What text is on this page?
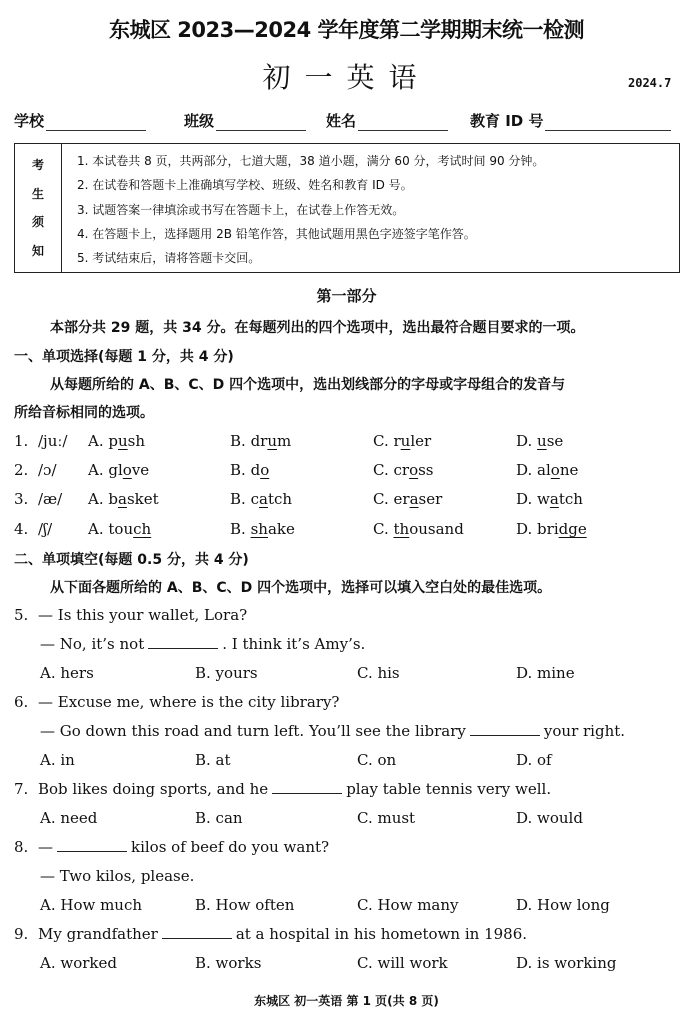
东城区 2023—2024 学年度第二学期期末统一检测
初一英语	2024.7
学校	班级	姓名	教育 ID 号
考
生
须
知
1. 本试卷共 8 页，共两部分，七道大题，38 道小题，满分 60 分，考试时间 90 分钟。
2. 在试卷和答题卡上准确填写学校、班级、姓名和教育 ID 号。
3. 试题答案一律填涂或书写在答题卡上，在试卷上作答无效。
4. 在答题卡上，选择题用 2B 铅笔作答，其他试题用黑色字迹签字笔作答。
5. 考试结束后，请将答题卡交回。
第一部分
本部分共 29 题，共 34 分。在每题列出的四个选项中，选出最符合题目要求的一项。
一、单项选择(每题 1 分，共 4 分)
从每题所给的 A、B、C、D 四个选项中，选出划线部分的字母或字母组合的发音与
所给音标相同的选项。
1. /juː/ A. push	B. drum	C. ruler	D. use
2. /ɔ/ A. glove	B. do	C. cross	D. alone
3. /æ/ A. basket	B. catch	C. eraser	D. watch
4. /ʃ/ A. touch	B. shake	C. thousand	D. bridge
二、单项填空(每题 0.5 分，共 4 分)
从下面各题所给的 A、B、C、D 四个选项中，选择可以填入空白处的最佳选项。
5. — Is this your wallet, Lora?
— No, it’s not	. I think it’s Amy’s.
A. hers	B. yours	C. his	D. mine
6. — Excuse me, where is the city library?
— Go down this road and turn left. You’ll see the library	your right.
A. in	B. at	C. on	D. of
7. Bob likes doing sports, and he	play table tennis very well.
A. need	B. can	C. must	D. would
8. —	kilos of beef do you want?
— Two kilos, please.
A. How much	B. How often	C. How many	D. How long
9. My grandfather	at a hospital in his hometown in 1986.
A. worked	B. works	C. will work	D. is working
东城区 初一英语 第 1 页(共 8 页)
